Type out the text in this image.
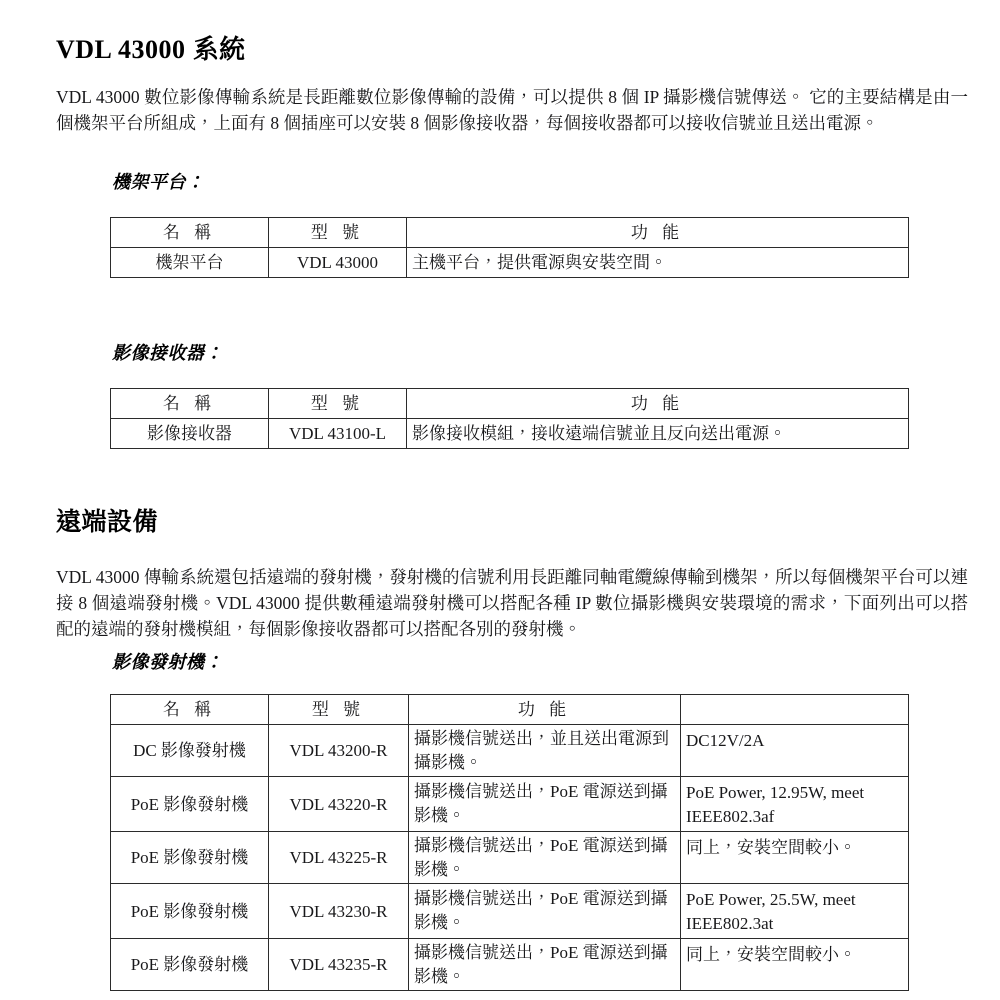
VDL 43000 系統

VDL 43000 數位影像傳輸系統是長距離數位影像傳輸的設備，可以提供 8 個 IP 攝影機信號傳送。 它的主要結構是由一個機架平台所組成，上面有 8 個插座可以安裝 8 個影像接收器，每個接收器都可以接收信號並且送出電源。

機架平台：
名 稱	型 號	功 能
機架平台	VDL 43000	主機平台，提供電源與安裝空間。
影像接收器：
名 稱	型 號	功 能
影像接收器	VDL 43100-L	影像接收模組，接收遠端信號並且反向送出電源。
遠端設備

VDL 43000 傳輸系統還包括遠端的發射機，發射機的信號利用長距離同軸電纜線傳輸到機架，所以每個機架平台可以連接 8 個遠端發射機。VDL 43000 提供數種遠端發射機可以搭配各種 IP 數位攝影機與安裝環境的需求，下面列出可以搭配的遠端的發射機模組，每個影像接收器都可以搭配各別的發射機。

影像發射機：
名 稱	型 號	功 能	
DC 影像發射機	VDL 43200-R	攝影機信號送出，並且送出電源到攝影機。	DC12V/2A
PoE 影像發射機	VDL 43220-R	攝影機信號送出，PoE 電源送到攝影機。	PoE Power, 12.95W, meet IEEE802.3af
PoE 影像發射機	VDL 43225-R	攝影機信號送出，PoE 電源送到攝影機。	同上，安裝空間較小。
PoE 影像發射機	VDL 43230-R	攝影機信號送出，PoE 電源送到攝影機。	PoE Power, 25.5W, meet IEEE802.3at
PoE 影像發射機	VDL 43235-R	攝影機信號送出，PoE 電源送到攝影機。	同上，安裝空間較小。
